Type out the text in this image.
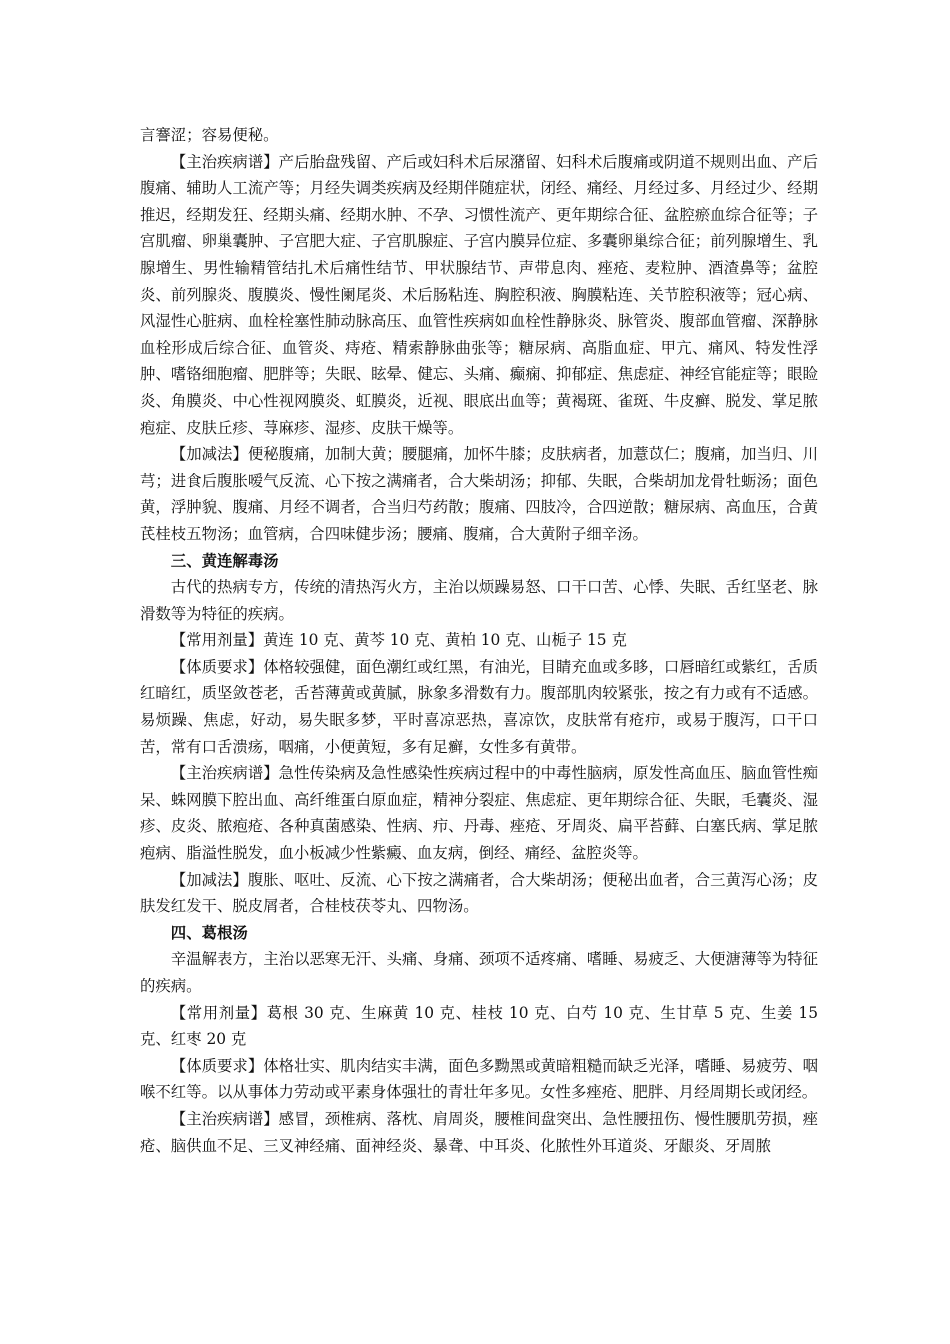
言謇涩；容易便秘。

【主治疾病谱】产后胎盘残留、产后或妇科术后尿潴留、妇科术后腹痛或阴道不规则出血、产后腹痛、辅助人工流产等；月经失调类疾病及经期伴随症状，闭经、痛经、月经过多、月经过少、经期推迟，经期发狂、经期头痛、经期水肿、不孕、习惯性流产、更年期综合征、盆腔瘀血综合征等；子宫肌瘤、卵巢囊肿、子宫肥大症、子宫肌腺症、子宫内膜异位症、多囊卵巢综合征；前列腺增生、乳腺增生、男性输精管结扎术后痛性结节、甲状腺结节、声带息肉、痤疮、麦粒肿、酒渣鼻等；盆腔炎、前列腺炎、腹膜炎、慢性阑尾炎、术后肠粘连、胸腔积液、胸膜粘连、关节腔积液等；冠心病、风湿性心脏病、血栓栓塞性肺动脉高压、血管性疾病如血栓性静脉炎、脉管炎、腹部血管瘤、深静脉血栓形成后综合征、血管炎、痔疮、精索静脉曲张等；糖尿病、高脂血症、甲亢、痛风、特发性浮肿、嗜铬细胞瘤、肥胖等；失眠、眩晕、健忘、头痛、癫痫、抑郁症、焦虑症、神经官能症等；眼睑炎、角膜炎、中心性视网膜炎、虹膜炎，近视、眼底出血等；黄褐斑、雀斑、牛皮癣、脱发、掌足脓疱症、皮肤丘疹、荨麻疹、湿疹、皮肤干燥等。

【加减法】便秘腹痛，加制大黄；腰腿痛，加怀牛膝；皮肤病者，加薏苡仁；腹痛，加当归、川芎；进食后腹胀嗳气反流、心下按之满痛者，合大柴胡汤；抑郁、失眠，合柴胡加龙骨牡蛎汤；面色黄，浮肿貌、腹痛、月经不调者，合当归芍药散；腹痛、四肢冷，合四逆散；糖尿病、高血压，合黄芪桂枝五物汤；血管病，合四味健步汤；腰痛、腹痛，合大黄附子细辛汤。

三、黄连解毒汤

古代的热病专方，传统的清热泻火方，主治以烦躁易怒、口干口苦、心悸、失眠、舌红坚老、脉滑数等为特征的疾病。

【常用剂量】黄连 10 克、黄芩 10 克、黄柏 10 克、山栀子 15 克

【体质要求】体格较强健，面色潮红或红黑，有油光，目睛充血或多眵，口唇暗红或紫红，舌质红暗红，质坚敛苍老，舌苔薄黄或黄腻，脉象多滑数有力。腹部肌肉较紧张，按之有力或有不适感。易烦躁、焦虑，好动，易失眠多梦，平时喜凉恶热，喜凉饮，皮肤常有疮疖，或易于腹泻，口干口苦，常有口舌溃疡，咽痛，小便黄短，多有足癣，女性多有黄带。

【主治疾病谱】急性传染病及急性感染性疾病过程中的中毒性脑病，原发性高血压、脑血管性痴呆、蛛网膜下腔出血、高纤维蛋白原血症，精神分裂症、焦虑症、更年期综合征、失眠，毛囊炎、湿疹、皮炎、脓疱疮、各种真菌感染、性病、疖、丹毒、痤疮、牙周炎、扁平苔藓、白塞氏病、掌足脓疱病、脂溢性脱发，血小板减少性紫癜、血友病，倒经、痛经、盆腔炎等。

【加减法】腹胀、呕吐、反流、心下按之满痛者，合大柴胡汤；便秘出血者，合三黄泻心汤；皮肤发红发干、脱皮屑者，合桂枝茯苓丸、四物汤。

四、葛根汤

辛温解表方，主治以恶寒无汗、头痛、身痛、颈项不适疼痛、嗜睡、易疲乏、大便溏薄等为特征的疾病。

【常用剂量】葛根 30 克、生麻黄 10 克、桂枝 10 克、白芍 10 克、生甘草 5 克、生姜 15 克、红枣 20 克

【体质要求】体格壮实、肌肉结实丰满，面色多黝黑或黄暗粗糙而缺乏光泽，嗜睡、易疲劳、咽喉不红等。以从事体力劳动或平素身体强壮的青壮年多见。女性多痤疮、肥胖、月经周期长或闭经。

【主治疾病谱】感冒，颈椎病、落枕、肩周炎，腰椎间盘突出、急性腰扭伤、慢性腰肌劳损，痤疮、脑供血不足、三叉神经痛、面神经炎、暴聋、中耳炎、化脓性外耳道炎、牙龈炎、牙周脓
